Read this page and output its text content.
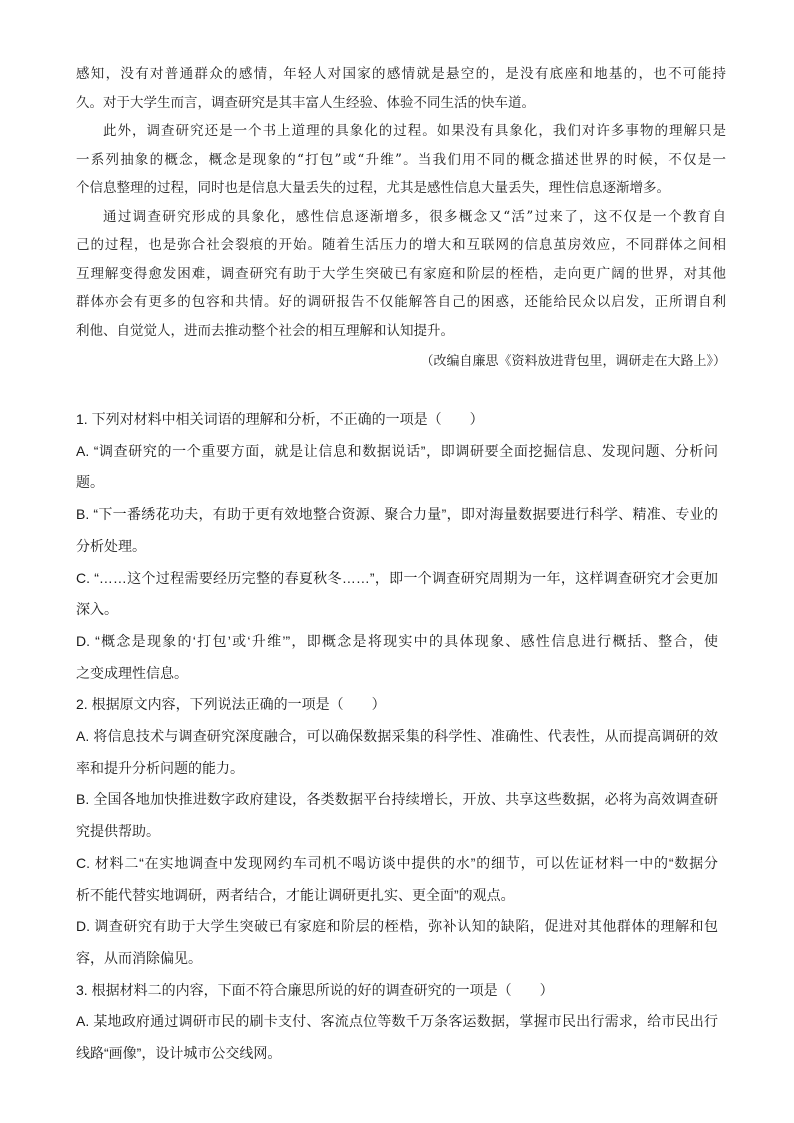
感知，没有对普通群众的感情，年轻人对国家的感情就是悬空的，是没有底座和地基的，也不可能持

久。对于大学生而言，调查研究是其丰富人生经验、体验不同生活的快车道。

此外，调查研究还是一个书上道理的具象化的过程。如果没有具象化，我们对许多事物的理解只是

一系列抽象的概念，概念是现象的“打包”或“升维”。当我们用不同的概念描述世界的时候，不仅是一

个信息整理的过程，同时也是信息大量丢失的过程，尤其是感性信息大量丢失，理性信息逐渐增多。

通过调查研究形成的具象化，感性信息逐渐增多，很多概念又“活”过来了，这不仅是一个教育自

己的过程，也是弥合社会裂痕的开始。随着生活压力的增大和互联网的信息茧房效应，不同群体之间相

互理解变得愈发困难，调查研究有助于大学生突破已有家庭和阶层的桎梏，走向更广阔的世界，对其他

群体亦会有更多的包容和共情。好的调研报告不仅能解答自己的困惑，还能给民众以启发，正所谓自利

利他、自觉觉人，进而去推动整个社会的相互理解和认知提升。

（改编自廉思《资料放进背包里，调研走在大路上》）

1. 下列对材料中相关词语的理解和分析，不正确的一项是（　　）

A. “调查研究的一个重要方面，就是让信息和数据说话”，即调研要全面挖掘信息、发现问题、分析问

题。

B. “下一番绣花功夫，有助于更有效地整合资源、聚合力量”，即对海量数据要进行科学、精准、专业的

分析处理。

C. “……这个过程需要经历完整的春夏秋冬……”，即一个调查研究周期为一年，这样调查研究才会更加

深入。

D. “概念是现象的‘打包’或‘升维’”，即概念是将现实中的具体现象、感性信息进行概括、整合，使

之变成理性信息。

2. 根据原文内容，下列说法正确的一项是（　　）

A. 将信息技术与调查研究深度融合，可以确保数据采集的科学性、准确性、代表性，从而提高调研的效

率和提升分析问题的能力。

B. 全国各地加快推进数字政府建设，各类数据平台持续增长，开放、共享这些数据，必将为高效调查研

究提供帮助。

C. 材料二“在实地调查中发现网约车司机不喝访谈中提供的水”的细节，可以佐证材料一中的“数据分

析不能代替实地调研，两者结合，才能让调研更扎实、更全面”的观点。

D. 调查研究有助于大学生突破已有家庭和阶层的桎梏，弥补认知的缺陷，促进对其他群体的理解和包

容，从而消除偏见。

3. 根据材料二的内容，下面不符合廉思所说的好的调查研究的一项是（　　）

A. 某地政府通过调研市民的刷卡支付、客流点位等数千万条客运数据，掌握市民出行需求，给市民出行

线路“画像”，设计城市公交线网。
